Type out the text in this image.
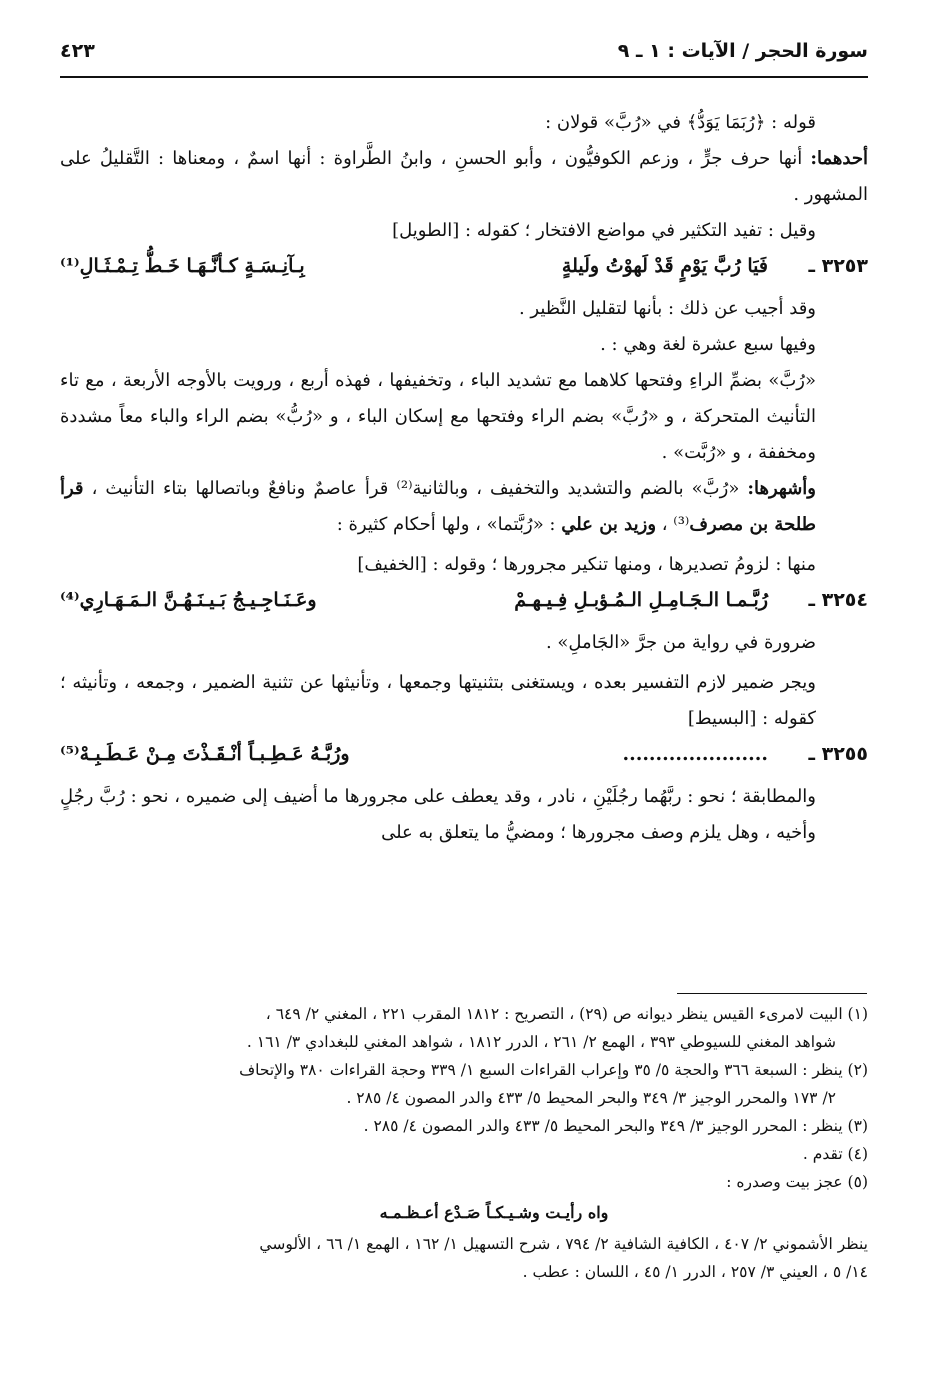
سورة الحجر / الآيات : ١ ـ ٩
٤٢٣

قوله : ﴿رُبَمَا يَوَدُّ﴾ في «رُبَّ» قولان :

أحدهما: أنها حرف جرٍّ ، وزعم الكوفيُّون ، وأبو الحسنِ ، وابنُ الطَّراوة : أنها اسمٌ ، ومعناها : التَّقليلُ على المشهور .

وقيل : تفيد التكثير في مواضع الافتخار ؛ كقوله : [الطويل]

٣٢٥٣ ـ
فَيَا رُبَّ يَوْمٍ قَدْ لَهوْتُ ولَيلةٍ
بِـآنِـسَـةٍ كـأنَّـهَـا خَـطُّ تِـمْـثَـالِ⁽¹⁾

وقد أجيب عن ذلك : بأنها لتقليل النَّظير .

وفيها سبع عشرة لغة وهي : .

«رُبَّ» بضمِّ الراءِ وفتحها كلاهما مع تشديد الباء ، وتخفيفها ، فهذه أربع ، ورويت بالأوجه الأربعة ، مع تاء التأنيث المتحركة ، و «رُبَّ» بضم الراء وفتحها مع إسكان الباء ، و «رُبُّ» بضم الراء والباء معاً مشددة ومخففة ، و «رُبَّت» .

وأشهرها: «رُبَّ» بالضم والتشديد والتخفيف ، وبالثانية⁽²⁾ قرأ عاصمٌ ونافعٌ وباتصالها بتاء التأنيث ، قرأ طلحة بن مصرف⁽³⁾ ، وزيد بن علي : «رُبَّتما» ، ولها أحكام كثيرة :

منها : لزومُ تصديرها ، ومنها تنكير مجرورها ؛ وقوله : [الخفيف]

٣٢٥٤ ـ
رُبَّـمـا الـجَـامِـلِ الـمُـؤبـلِ فِـيـهـمْ
وعَـنَـاجِـيـجُ بَـيـنَـهُـنَّ الـمَـهَـارِي⁽⁴⁾

ضرورة في رواية من جرَّ «الجَاملِ» .

ويجر ضمير لازم التفسير بعده ، ويستغنى بتثنيتها وجمعها ، وتأنيثها عن تثنية الضمير ، وجمعه ، وتأنيثه ؛ كقوله : [البسيط]

٣٢٥٥ ـ
......................
ورُبَّـهُ عَـطِـبـاً أنْـقَـذْتَ مِـنْ عَـطَـبِـهْ⁽⁵⁾

والمطابقة ؛ نحو : ربَّهُما رجُلَيْنِ ، نادر ، وقد يعطف على مجرورها ما أضيف إلى ضميره ، نحو : رُبَّ رجُلٍ وأخيه ، وهل يلزم وصف مجرورها ؛ ومضيُّ ما يتعلق به على

(١) البيت لامرىء القيس ينظر ديوانه ص (٢٩) ، التصريح : ١٨١٢ المقرب ٢٢١ ، المغني ٢/ ٦٤٩ ،

شواهد المغني للسيوطي ٣٩٣ ، الهمع ٢/ ٢٦١ ، الدرر ١٨١٢ ، شواهد المغني للبغدادي ٣/ ١٦١ .

(٢) ينظر : السبعة ٣٦٦ والحجة ٥/ ٣٥ وإعراب القراءات السبع ١/ ٣٣٩ وحجة القراءات ٣٨٠ والإتحاف

٢/ ١٧٣ والمحرر الوجيز ٣/ ٣٤٩ والبحر المحيط ٥/ ٤٣٣ والدر المصون ٤/ ٢٨٥ .

(٣) ينظر : المحرر الوجيز ٣/ ٣٤٩ والبحر المحيط ٥/ ٤٣٣ والدر المصون ٤/ ٢٨٥ .

(٤) تقدم .

(٥) عجز بيت وصدره :

واه رأيـت وشـيـكـاً صَـدْع أعـظـمـه

ينظر الأشموني ٢/ ٤٠٧ ، الكافية الشافية ٢/ ٧٩٤ ، شرح التسهيل ١/ ١٦٢ ، الهمع ١/ ٦٦ ، الألوسي

١٤/ ٥ ، العيني ٣/ ٢٥٧ ، الدرر ١/ ٤٥ ، اللسان : عطب .
